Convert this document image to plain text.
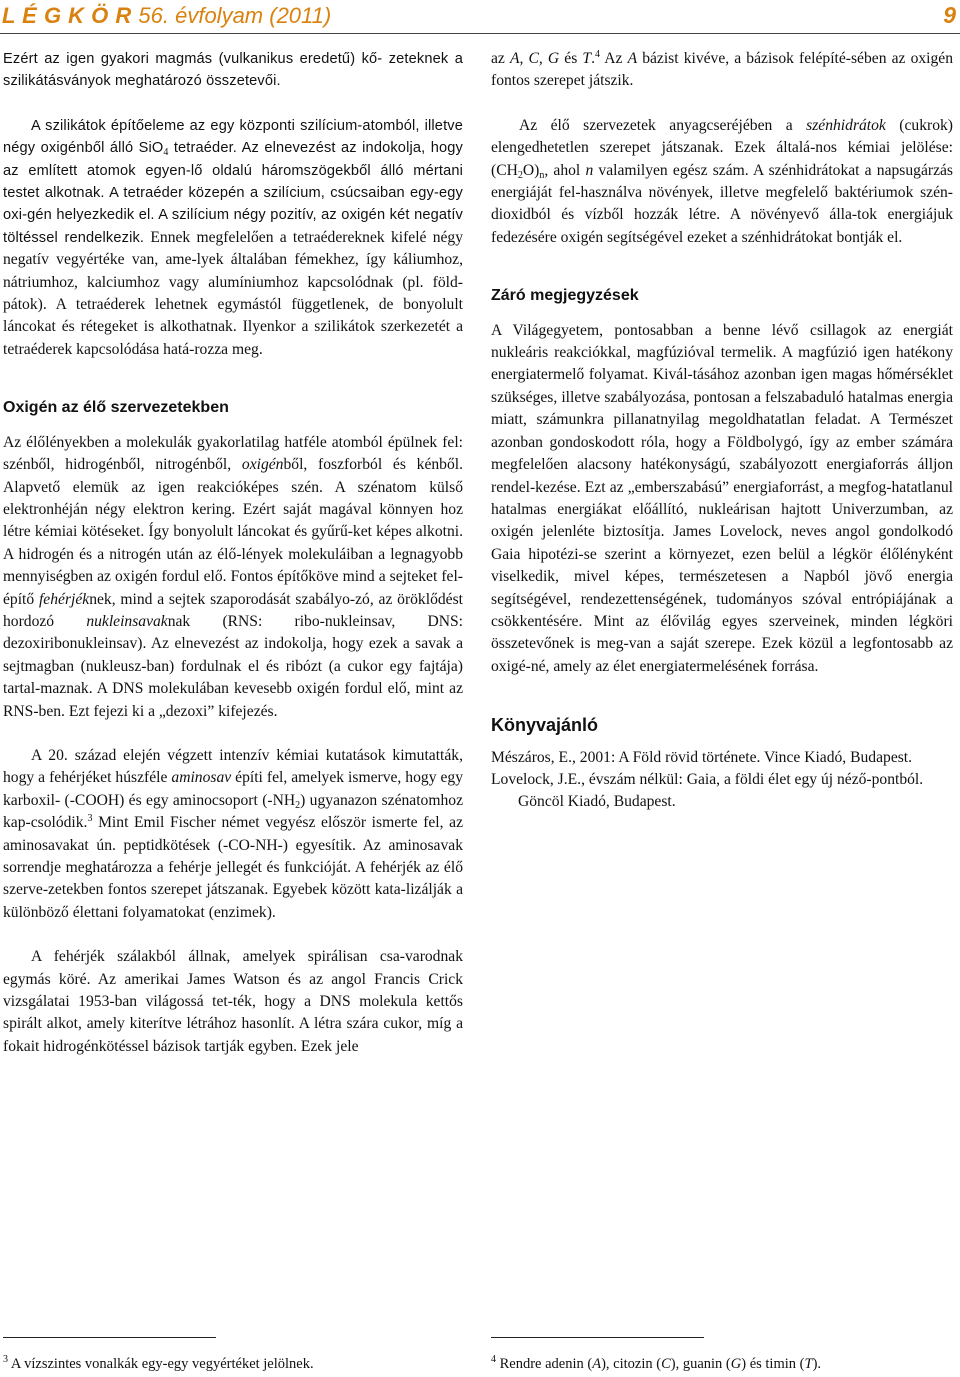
L É G K Ö R 56. évfolyam (2011)	9

Ezért az igen gyakori magmás (vulkanikus eredetű) kő- zeteknek a szilikátásványok meghatározó összetevői.

A szilikátok építőeleme az egy központi szilícium-atomból, illetve négy oxigénből álló SiO$_4$ tetraéder. Az elnevezést az indokolja, hogy az említett atomok egyen-lő oldalú háromszögekből álló mértani testet alkotnak. A tetraéder közepén a szilícium, csúcsaiban egy-egy oxi-gén helyezkedik el. A szilícium négy pozitív, az oxigén két negatív töltéssel rendelkezik. Ennek megfelelően a tetraédereknek kifelé négy negatív vegyértéke van, ame-lyek általában fémekhez, így káliumhoz, nátriumhoz, kalciumhoz vagy alumíniumhoz kapcsolódnak (pl. föld-pátok). A tetraéderek lehetnek egymástól függetlenek, de bonyolult láncokat és rétegeket is alkothatnak. Ilyenkor a szilikátok szerkezetét a tetraéderek kapcsolódása hatá-rozza meg.

Oxigén az élő szervezetekben

Az élőlényekben a molekulák gyakorlatilag hatféle atomból épülnek fel: szénből, hidrogénből, nitrogénből, oxigénből, foszforból és kénből. Alapvető elemük az igen reakcióképes szén. A szénatom külső elektronhéján négy elektron kering. Ezért saját magával könnyen hoz létre kémiai kötéseket. Így bonyolult láncokat és gyűrű-ket képes alkotni. A hidrogén és a nitrogén után az élő-lények molekuláiban a legnagyobb mennyiségben az oxigén fordul elő. Fontos építőköve mind a sejteket fel-építő fehérjéknek, mind a sejtek szaporodását szabályo-zó, az öröklődést hordozó nukleinsavaknak (RNS: ribo-nukleinsav, DNS: dezoxiribonukleinsav). Az elnevezést az indokolja, hogy ezek a savak a sejtmagban (nukleusz-ban) fordulnak el és ribózt (a cukor egy fajtája) tartal-maznak. A DNS molekulában kevesebb oxigén fordul elő, mint az RNS-ben. Ezt fejezi ki a „dezoxi” kifejezés.

A 20. század elején végzett intenzív kémiai kutatások kimutatták, hogy a fehérjéket húszféle aminosav építi fel, amelyek ismerve, hogy egy karboxil- (-COOH) és egy aminocsoport $(-NH_2)$ ugyanazon szénatomhoz kap-csolódik.$^3$ Mint Emil Fischer német vegyész először ismerte fel, az aminosavakat ún. peptidkötések (-CO-NH-) egyesítik. Az aminosavak sorrendje meghatározza a fehérje jellegét és funkcióját. A fehérjék az élő szerve-zetekben fontos szerepet játszanak. Egyebek között kata-lizálják a különböző élettani folyamatokat (enzimek).

A fehérjék szálakból állnak, amelyek spirálisan csa-varodnak egymás köré. Az amerikai James Watson és az angol Francis Crick vizsgálatai 1953-ban világossá tet-ték, hogy a DNS molekula kettős spirált alkot, amely kiterítve létrához hasonlít. A létra szára cukor, míg a fokait hidrogénkötéssel bázisok tartják egyben. Ezek jele

az A, C, G és T.$^4$ Az A bázist kivéve, a bázisok felépíté-sében az oxigén fontos szerepet játszik.

Az élő szervezetek anyagcseréjében a szénhidrátok (cukrok) elengedhetetlen szerepet játszanak. Ezek általá-nos kémiai jelölése: $(CH_2O)_n$, ahol n valamilyen egész szám. A szénhidrátokat a napsugárzás energiáját fel-használva növények, illetve megfelelő baktériumok szén-dioxidból és vízből hozzák létre. A növényevő álla-tok energiájuk fedezésére oxigén segítségével ezeket a szénhidrátokat bontják el.

Záró megjegyzések

A Világegyetem, pontosabban a benne lévő csillagok az energiát nukleáris reakciókkal, magfúzióval termelik. A magfúzió igen hatékony energiatermelő folyamat. Kivál-tásához azonban igen magas hőmérséklet szükséges, illetve szabályozása, pontosan a felszabaduló hatalmas energia miatt, számunkra pillanatnyilag megoldhatatlan feladat. A Természet azonban gondoskodott róla, hogy a Földbolygó, így az ember számára megfelelően alacsony hatékonyságú, szabályozott energiaforrás álljon rendel-kezése. Ezt az „emberszabású” energiaforrást, a megfog-hatatlanul hatalmas energiákat előállító, nukleárisan hajtott Univerzumban, az oxigén jelenléte biztosítja. James Lovelock, neves angol gondolkodó Gaia hipotézi-se szerint a környezet, ezen belül a légkör élőlényként viselkedik, mivel képes, természetesen a Napból jövő energia segítségével, rendezettenségének, tudományos szóval entrópiájának a csökkentésére. Mint az élővilág egyes szerveinek, minden légköri összetevőnek is meg-van a saját szerepe. Ezek közül a legfontosabb az oxigé-né, amely az élet energiatermelésének forrása.

Könyvajánló

Mészáros, E., 2001: A Föld rövid története. Vince Kiadó, Budapest.

Lovelock, J.E., évszám nélkül: Gaia, a földi élet egy új néző-pontból. Göncöl Kiadó, Budapest.

$^3$ A vízszintes vonalkák egy-egy vegyértéket jelölnek.	$^4$ Rendre adenin (A), citozin (C), guanin (G) és timin (T).
